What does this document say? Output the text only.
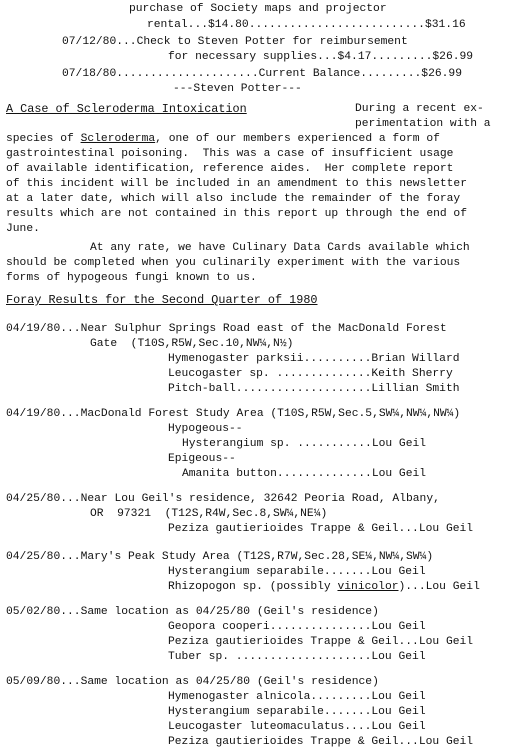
purchase of Society maps and projector
rental...$14.80..........................$31.16
07/12/80...Check to Steven Potter for reimbursement
for necessary supplies...$4.17.........$26.99
07/18/80.....................Current Balance.........$26.99
---Steven Potter---
A Case of Scleroderma Intoxication	During a recent ex-
perimentation with a
species of Scleroderma, one of our members experienced a form of
gastrointestinal poisoning.  This was a case of insufficient usage
of available identification, reference aides.  Her complete report
of this incident will be included in an amendment to this newsletter
at a later date, which will also include the remainder of the foray
results which are not contained in this report up through the end of
June.
At any rate, we have Culinary Data Cards available which
should be completed when you culinarily experiment with the various
forms of hypogeous fungi known to us.
Foray Results for the Second Quarter of 1980
04/19/80...Near Sulphur Springs Road east of the MacDonald Forest
Gate  (T10S,R5W,Sec.10,NW¼,N½)
Hymenogaster parksii..........Brian Willard
Leucogaster sp. ..............Keith Sherry
Pitch-ball....................Lillian Smith
04/19/80...MacDonald Forest Study Area (T10S,R5W,Sec.5,SW¼,NW¼,NW¼)
Hypogeous--
Hysterangium sp. ...........Lou Geil
Epigeous--
Amanita button..............Lou Geil
04/25/80...Near Lou Geil's residence, 32642 Peoria Road, Albany,
OR  97321  (T12S,R4W,Sec.8,SW¼,NE¼)
Peziza gautierioides Trappe & Geil...Lou Geil
04/25/80...Mary's Peak Study Area (T12S,R7W,Sec.28,SE¼,NW¼,SW¼)
Hysterangium separabile.......Lou Geil
Rhizopogon sp. (possibly vinicolor)...Lou Geil
05/02/80...Same location as 04/25/80 (Geil's residence)
Geopora cooperi...............Lou Geil
Peziza gautierioides Trappe & Geil...Lou Geil
Tuber sp. ....................Lou Geil
05/09/80...Same location as 04/25/80 (Geil's residence)
Hymenogaster alnicola.........Lou Geil
Hysterangium separabile.......Lou Geil
Leucogaster luteomaculatus....Lou Geil
Peziza gautierioides Trappe & Geil...Lou Geil
